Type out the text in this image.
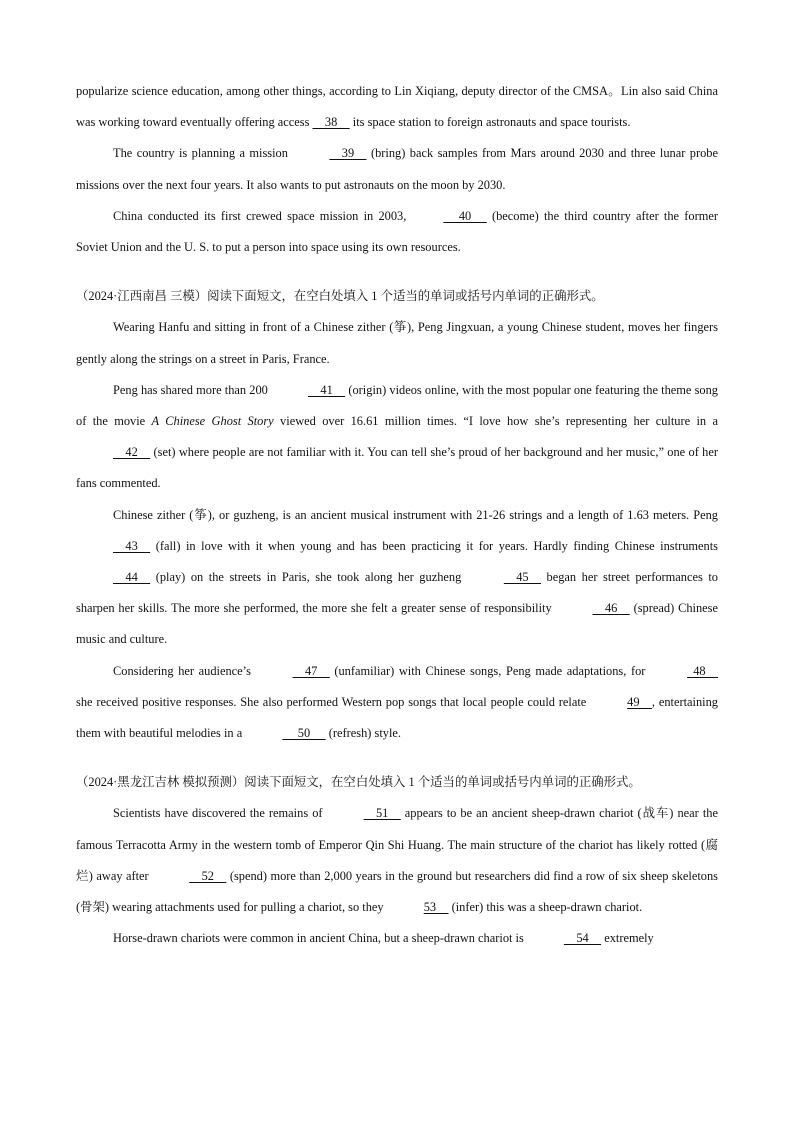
popularize science education, among other things, according to Lin Xiqiang, deputy director of the CMSA。Lin also said China was working toward eventually offering access     38     its space station to foreign astronauts and space tourists.

The country is planning a mission	39     (bring) back samples from Mars around 2030 and three lunar probe missions over the next four years. It also wants to put astronauts on the moon by 2030.

China conducted its first crewed space mission in 2003,	40      (become) the third country after the former Soviet Union and the U. S. to put a person into space using its own resources.

（2024·江西南昌 三模）阅读下面短文，在空白处填入 1 个适当的单词或括号内单词的正确形式。

Wearing Hanfu and sitting in front of a Chinese zither (筝), Peng Jingxuan, a young Chinese student, moves her fingers gently along the strings on a street in Paris, France.

Peng has shared more than 200	41     (origin) videos online, with the most popular one featuring the theme song of the movie A Chinese Ghost Story viewed over 16.61 million times. “I love how she’s representing her culture in a     42     (set) where people are not familiar with it. You can tell she’s proud of her background and her music,” one of her fans commented.

Chinese zither (筝), or guzheng, is an ancient musical instrument with 21-26 strings and a length of 1.63 meters. Peng     43     (fall) in love with it when young and has been practicing it for years. Hardly finding Chinese instruments     44     (play) on the streets in Paris, she took along her guzheng	45     began her street performances to sharpen her skills. The more she performed, the more she felt a greater sense of responsibility	46     (spread) Chinese music and culture.

Considering her audience’s	47     (unfamiliar) with Chinese songs, Peng made adaptations, for	48     she received positive responses. She also performed Western pop songs that local people could relate	49    , entertaining them with beautiful melodies in a	50      (refresh) style.

（2024·黑龙江吉林 模拟预测）阅读下面短文，在空白处填入 1 个适当的单词或括号内单词的正确形式。

Scientists have discovered the remains of	51     appears to be an ancient sheep-drawn chariot (战车) near the famous Terracotta Army in the western tomb of Emperor Qin Shi Huang. The main structure of the chariot has likely rotted (腐烂) away after	52     (spend) more than 2,000 years in the ground but researchers did find a row of six sheep skeletons (骨架) wearing attachments used for pulling a chariot, so they	53     (infer) this was a sheep-drawn chariot.

Horse-drawn chariots were common in ancient China, but a sheep-drawn chariot is	54     extremely
